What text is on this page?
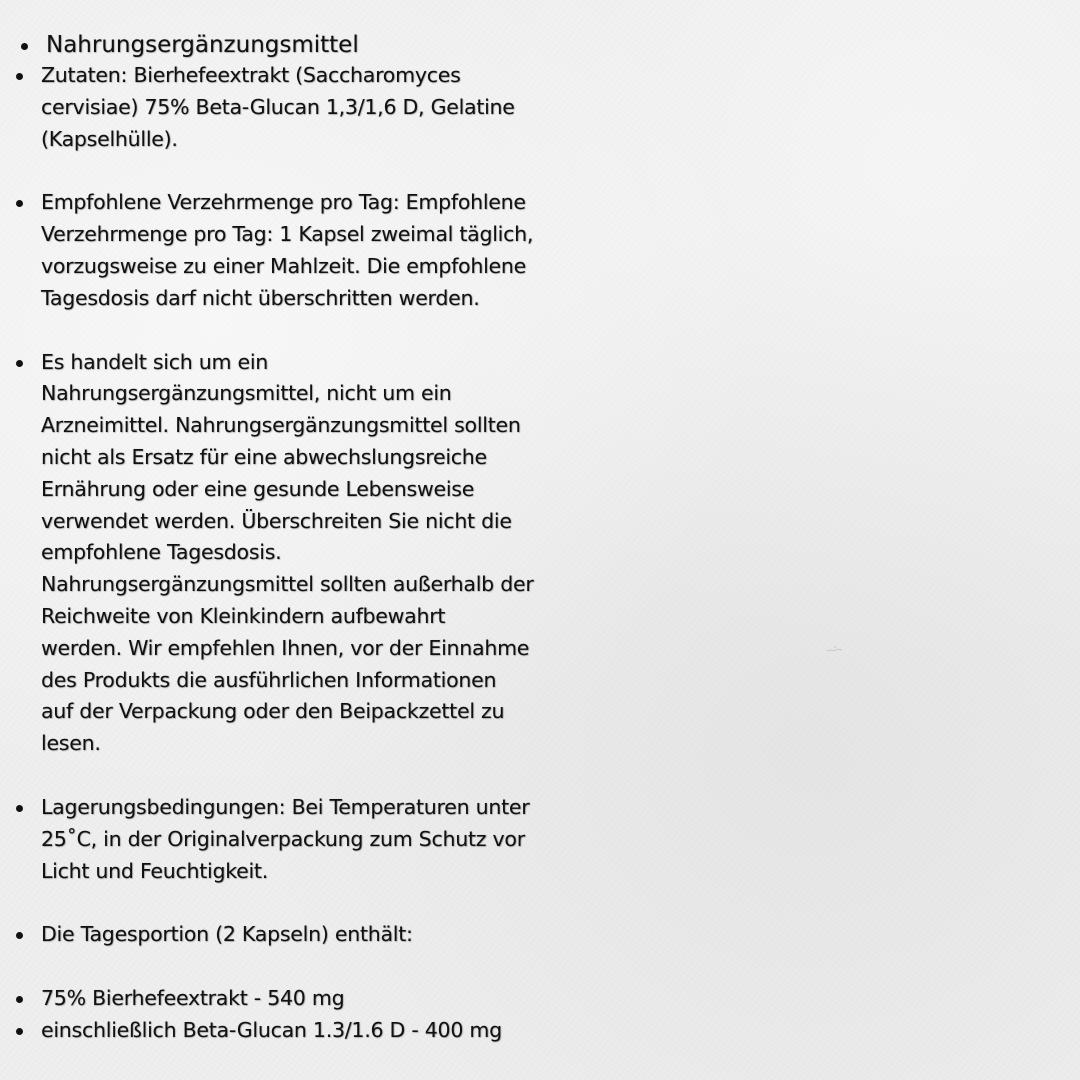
Nahrungsergänzungsmittel
Zutaten: Bierhefeextrakt (Saccharomyces
cervisiae) 75% Beta-Glucan 1,3/1,6 D, Gelatine
(Kapselhülle).
Empfohlene Verzehrmenge pro Tag: Empfohlene
Verzehrmenge pro Tag: 1 Kapsel zweimal täglich,
vorzugsweise zu einer Mahlzeit. Die empfohlene
Tagesdosis darf nicht überschritten werden.
Es handelt sich um ein
Nahrungsergänzungsmittel, nicht um ein
Arzneimittel. Nahrungsergänzungsmittel sollten
nicht als Ersatz für eine abwechslungsreiche
Ernährung oder eine gesunde Lebensweise
verwendet werden. Überschreiten Sie nicht die
empfohlene Tagesdosis.
Nahrungsergänzungsmittel sollten außerhalb der
Reichweite von Kleinkindern aufbewahrt
werden. Wir empfehlen Ihnen, vor der Einnahme
des Produkts die ausführlichen Informationen
auf der Verpackung oder den Beipackzettel zu
lesen.
Lagerungsbedingungen: Bei Temperaturen unter
25˚C, in der Originalverpackung zum Schutz vor
Licht und Feuchtigkeit.
Die Tagesportion (2 Kapseln) enthält:
75% Bierhefeextrakt - 540 mg
einschließlich Beta-Glucan 1.3/1.6 D - 400 mg
